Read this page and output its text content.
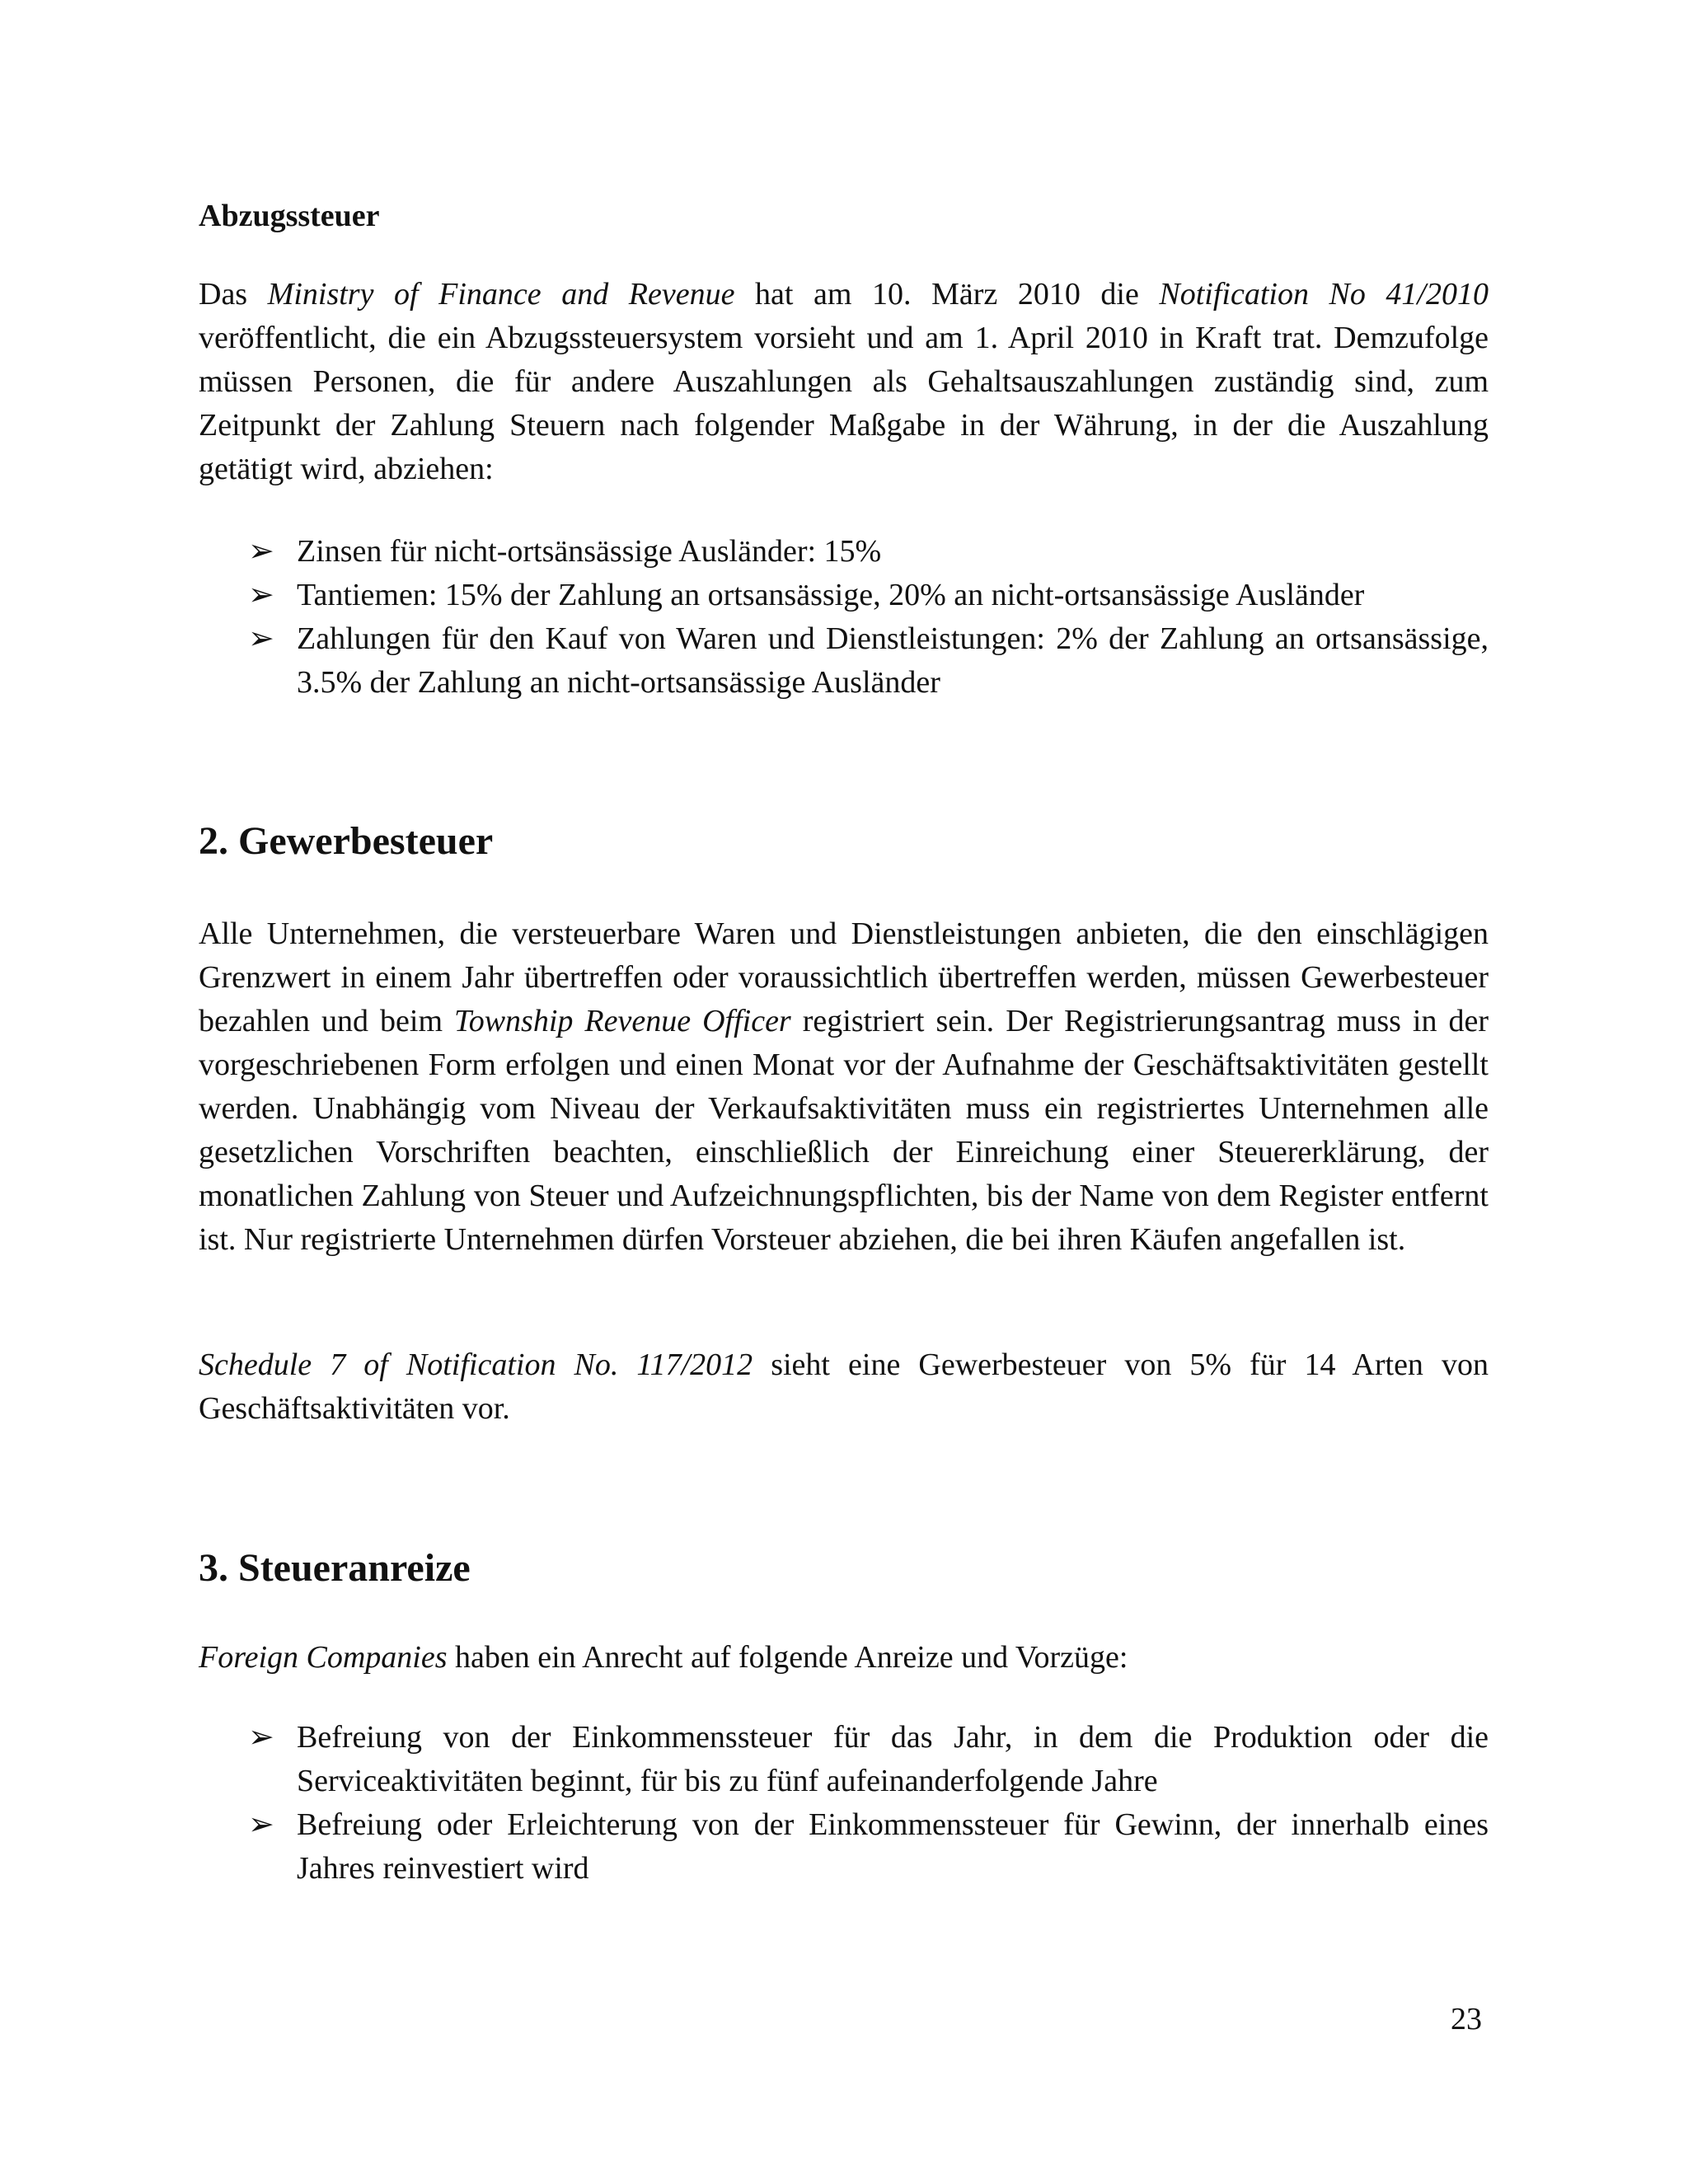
Abzugssteuer
Das Ministry of Finance and Revenue hat am 10. März 2010 die Notification No 41/2010 veröffentlicht, die ein Abzugssteuersystem vorsieht und am 1. April 2010 in Kraft trat. Demzufolge müssen Personen, die für andere Auszahlungen als Gehaltsauszahlungen zuständig sind, zum Zeitpunkt der Zahlung Steuern nach folgender Maßgabe in der Währung, in der die Auszahlung getätigt wird, abziehen:
➢ Zinsen für nicht-ortsänsässige Ausländer: 15%
➢ Tantiemen: 15% der Zahlung an ortsansässige, 20% an nicht-ortsansässige Ausländer
➢ Zahlungen für den Kauf von Waren und Dienstleistungen: 2% der Zahlung an ortsansässige, 3.5% der Zahlung an nicht-ortsansässige Ausländer
2. Gewerbesteuer
Alle Unternehmen, die versteuerbare Waren und Dienstleistungen anbieten, die den einschlägigen Grenzwert in einem Jahr übertreffen oder voraussichtlich übertreffen werden, müssen Gewerbesteuer bezahlen und beim Township Revenue Officer registriert sein. Der Registrierungsantrag muss in der vorgeschriebenen Form erfolgen und einen Monat vor der Aufnahme der Geschäftsaktivitäten gestellt werden. Unabhängig vom Niveau der Verkaufsaktivitäten muss ein registriertes Unternehmen alle gesetzlichen Vorschriften beachten, einschließlich der Einreichung einer Steuererklärung, der monatlichen Zahlung von Steuer und Aufzeichnungspflichten, bis der Name von dem Register entfernt ist. Nur registrierte Unternehmen dürfen Vorsteuer abziehen, die bei ihren Käufen angefallen ist.
Schedule 7 of Notification No. 117/2012 sieht eine Gewerbesteuer von 5% für 14 Arten von Geschäftsaktivitäten vor.
3. Steueranreize
Foreign Companies haben ein Anrecht auf folgende Anreize und Vorzüge:
➢ Befreiung von der Einkommenssteuer für das Jahr, in dem die Produktion oder die Serviceaktivitäten beginnt, für bis zu fünf aufeinanderfolgende Jahre
➢ Befreiung oder Erleichterung von der Einkommenssteuer für Gewinn, der innerhalb eines Jahres reinvestiert wird
23
